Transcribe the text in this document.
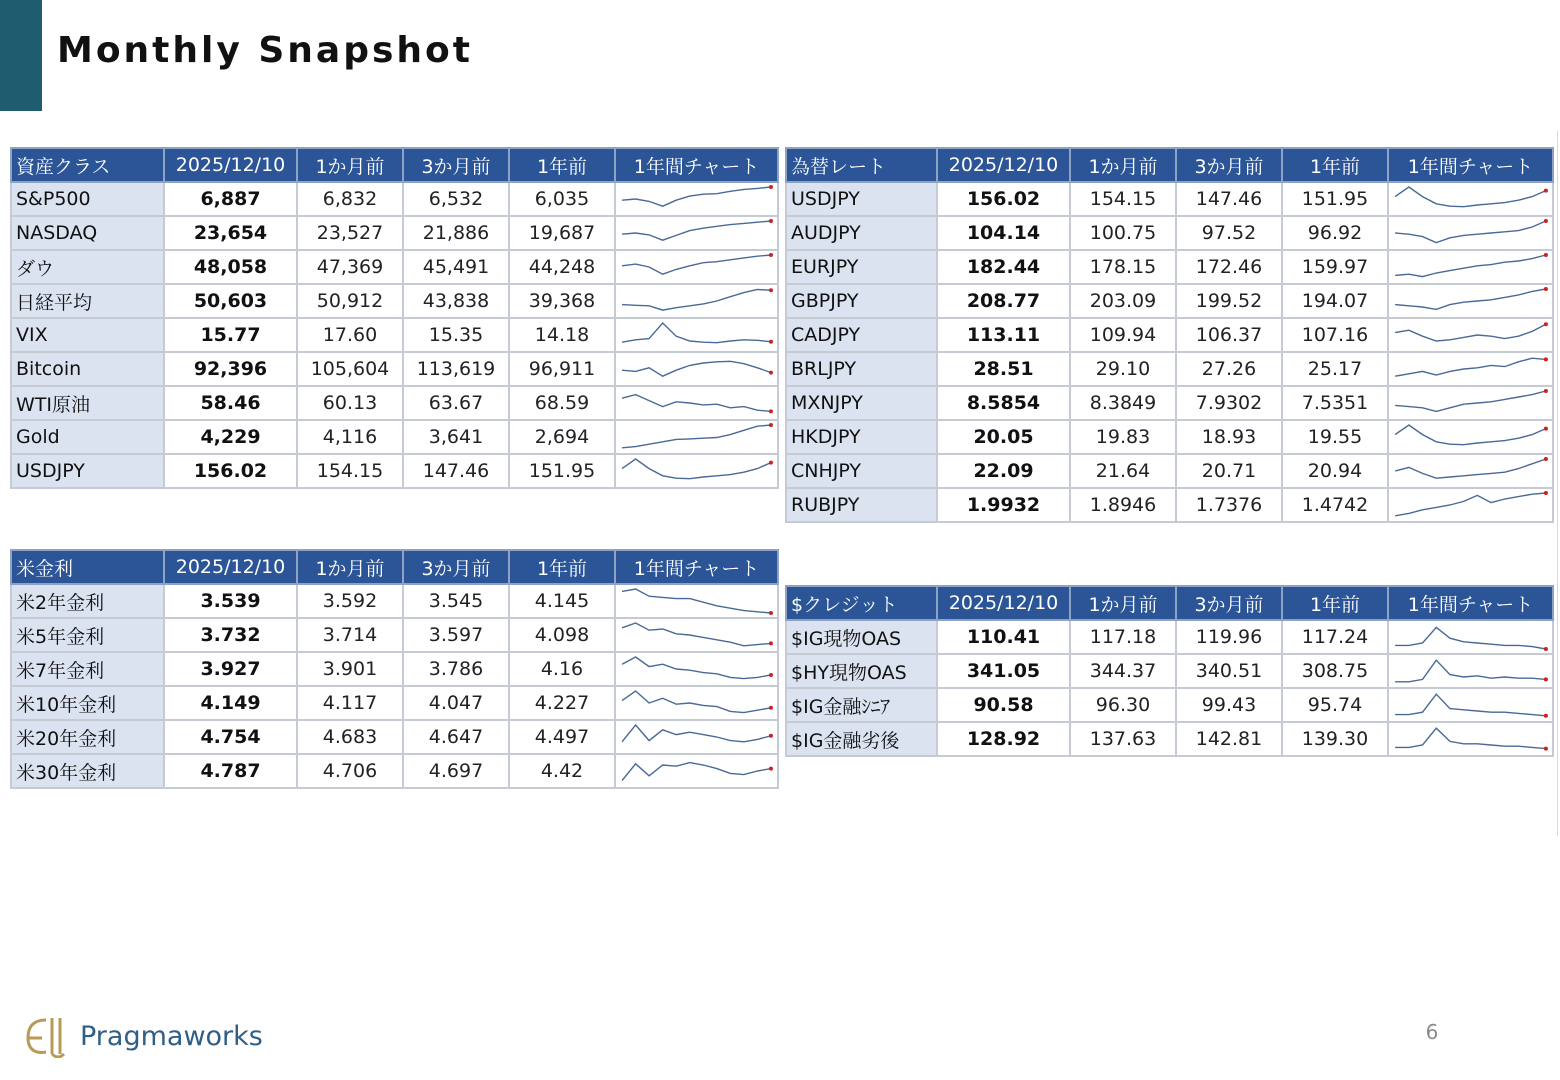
Monthly Snapshot
資産クラス	2025/12/10	1か月前	3か月前	1年前	1年間チャート
S&P500	6,887	6,832	6,532	6,035	

NASDAQ	23,654	23,527	21,886	19,687	

ダウ	48,058	47,369	45,491	44,248	

日経平均	50,603	50,912	43,838	39,368	

VIX	15.77	17.60	15.35	14.18	

Bitcoin	92,396	105,604	113,619	96,911	

WTI原油	58.46	60.13	63.67	68.59	

Gold	4,229	4,116	3,641	2,694	

USDJPY	156.02	154.15	147.46	151.95	
為替レート	2025/12/10	1か月前	3か月前	1年前	1年間チャート
USDJPY	156.02	154.15	147.46	151.95	

AUDJPY	104.14	100.75	97.52	96.92	

EURJPY	182.44	178.15	172.46	159.97	

GBPJPY	208.77	203.09	199.52	194.07	

CADJPY	113.11	109.94	106.37	107.16	

BRLJPY	28.51	29.10	27.26	25.17	

MXNJPY	8.5854	8.3849	7.9302	7.5351	

HKDJPY	20.05	19.83	18.93	19.55	

CNHJPY	22.09	21.64	20.71	20.94	

RUBJPY	1.9932	1.8946	1.7376	1.4742	
米金利	2025/12/10	1か月前	3か月前	1年前	1年間チャート
米2年金利	3.539	3.592	3.545	4.145	

米5年金利	3.732	3.714	3.597	4.098	

米7年金利	3.927	3.901	3.786	4.16	

米10年金利	4.149	4.117	4.047	4.227	

米20年金利	4.754	4.683	4.647	4.497	

米30年金利	4.787	4.706	4.697	4.42	
$クレジット	2025/12/10	1か月前	3か月前	1年前	1年間チャート
$IG現物OAS	110.41	117.18	119.96	117.24	

$HY現物OAS	341.05	344.37	340.51	308.75	

$IG金融ｼﾆｱ	90.58	96.30	99.43	95.74	

$IG金融劣後	128.92	137.63	142.81	139.30	
Pragmaworks	6
